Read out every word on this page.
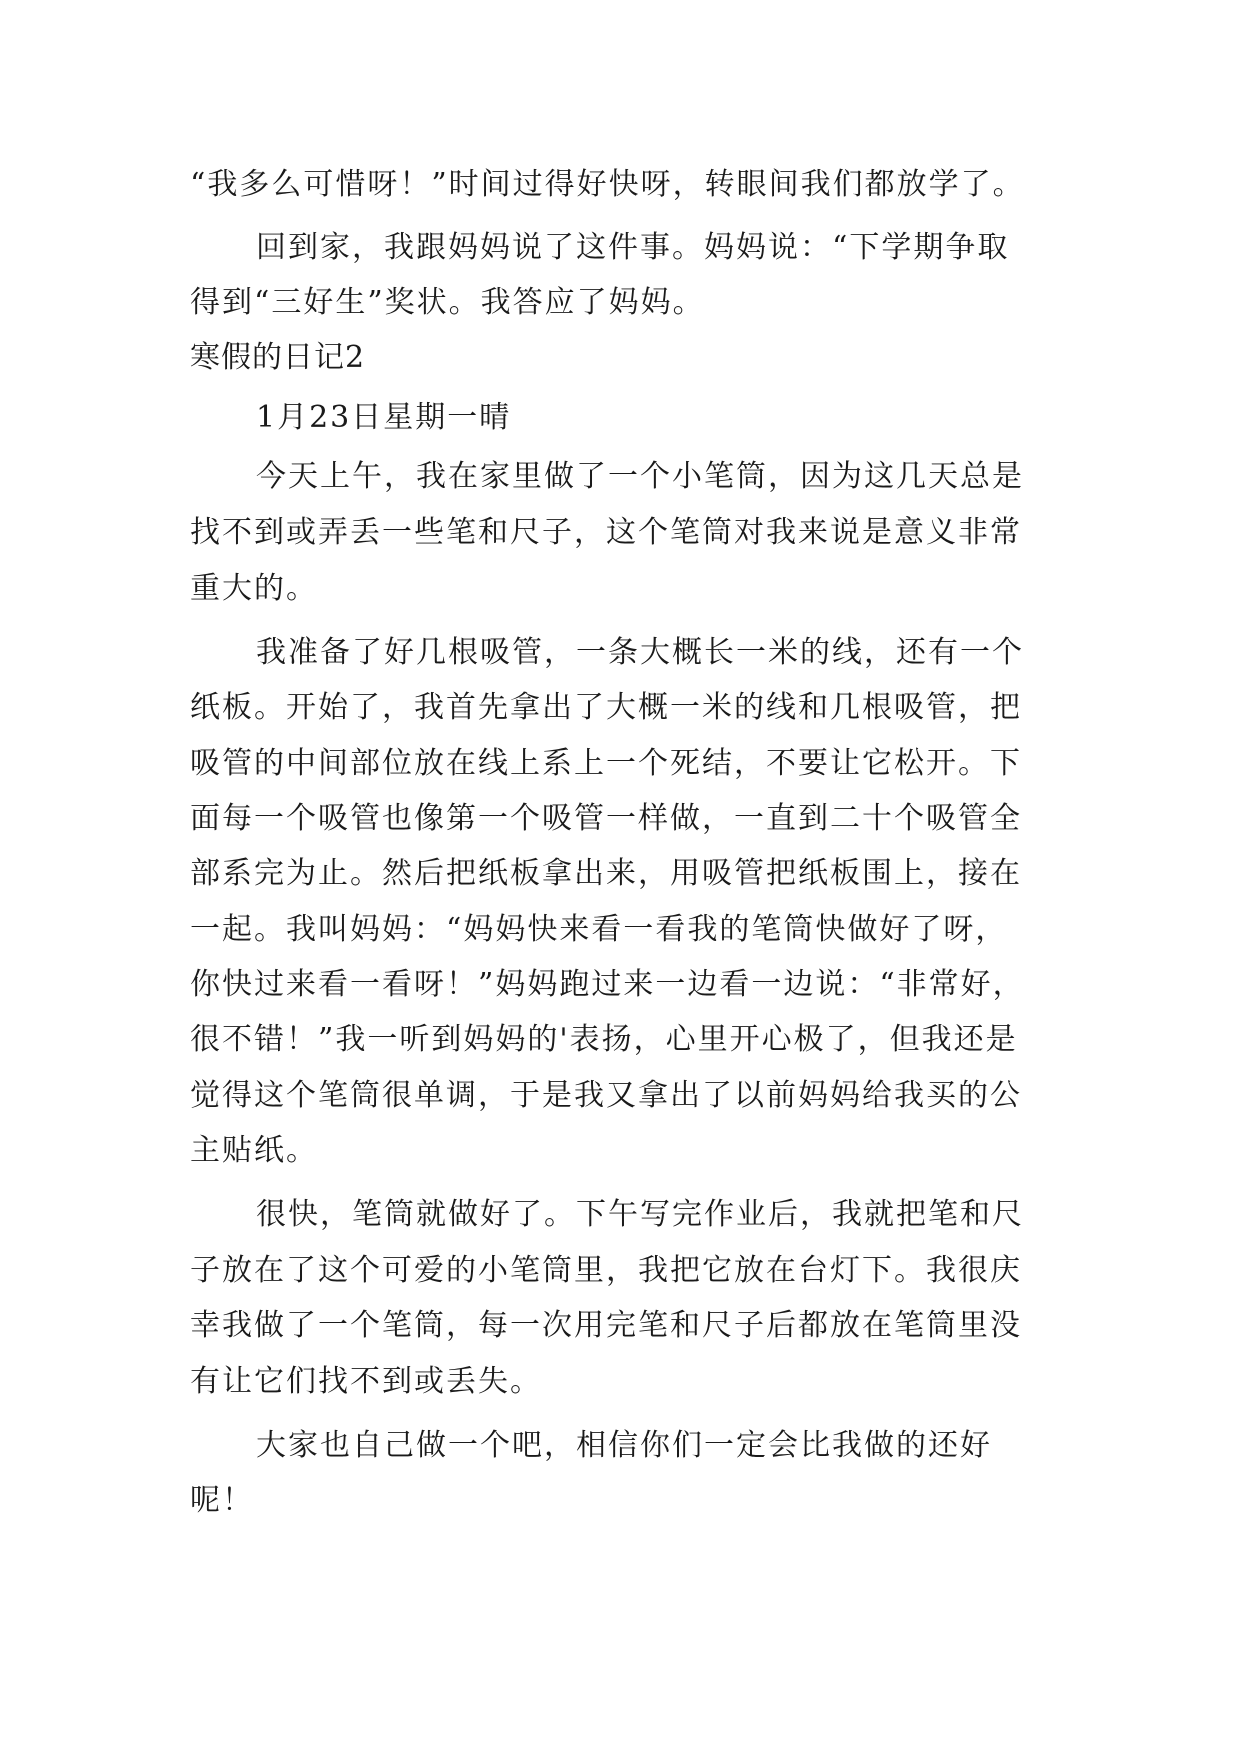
“我多么可惜呀！”时间过得好快呀，转眼间我们都放学了。
回到家，我跟妈妈说了这件事。妈妈说：“下学期争取
得到“三好生”奖状。我答应了妈妈。
寒假的日记2
1月23日星期一晴
今天上午，我在家里做了一个小笔筒，因为这几天总是
找不到或弄丢一些笔和尺子，这个笔筒对我来说是意义非常
重大的。
我准备了好几根吸管，一条大概长一米的线，还有一个
纸板。开始了，我首先拿出了大概一米的线和几根吸管，把
吸管的中间部位放在线上系上一个死结，不要让它松开。下
面每一个吸管也像第一个吸管一样做，一直到二十个吸管全
部系完为止。然后把纸板拿出来，用吸管把纸板围上，接在
一起。我叫妈妈：“妈妈快来看一看我的笔筒快做好了呀，
你快过来看一看呀！”妈妈跑过来一边看一边说：“非常好，
很不错！”我一听到妈妈的'表扬，心里开心极了，但我还是
觉得这个笔筒很单调，于是我又拿出了以前妈妈给我买的公
主贴纸。
很快，笔筒就做好了。下午写完作业后，我就把笔和尺
子放在了这个可爱的小笔筒里，我把它放在台灯下。我很庆
幸我做了一个笔筒，每一次用完笔和尺子后都放在笔筒里没
有让它们找不到或丢失。
大家也自己做一个吧，相信你们一定会比我做的还好
呢！
